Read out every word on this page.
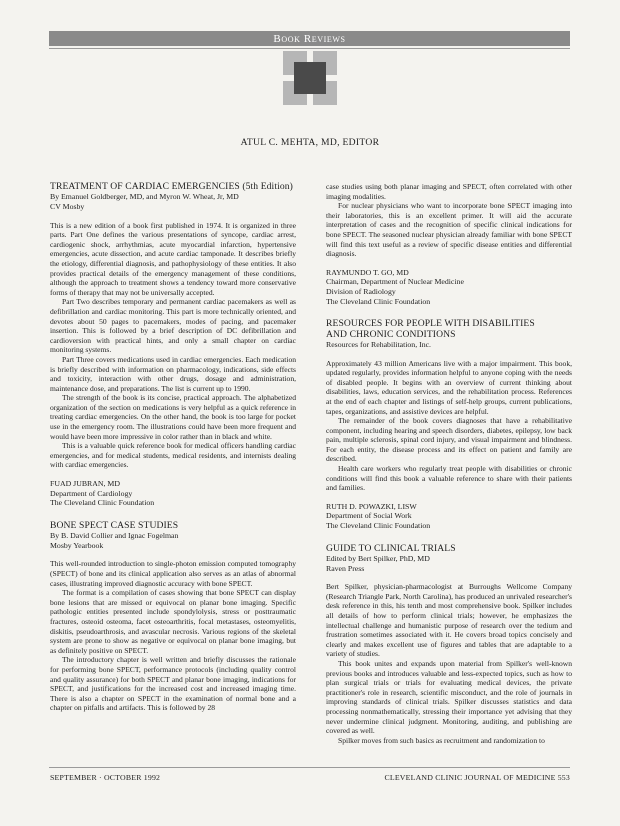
Book Reviews
ATUL C. MEHTA, MD, EDITOR
TREATMENT OF CARDIAC EMERGENCIES (5th Edition)
By Emanuel Goldberger, MD, and Myron W. Wheat, Jr, MD
CV Mosby

This is a new edition of a book first published in 1974. It is organized in three parts. Part One defines the various presentations of syncope, cardiac arrest, cardiogenic shock, arrhythmias, acute myocardial infarction, hypertensive emergencies, acute dissection, and acute cardiac tamponade. It describes briefly the etiology, differential diagnosis, and pathophysiology of these entities. It also provides practical details of the emergency management of these conditions, although the approach to treatment shows a tendency toward more conservative forms of therapy that may not be universally accepted.

Part Two describes temporary and permanent cardiac pacemakers as well as defibrillation and cardiac monitoring. This part is more technically oriented, and devotes about 50 pages to pacemakers, modes of pacing, and pacemaker insertion. This is followed by a brief description of DC defibrillation and cardioversion with practical hints, and only a small chapter on cardiac monitoring systems.

Part Three covers medications used in cardiac emergencies. Each medication is briefly described with information on pharmacology, indications, side effects and toxicity, interaction with other drugs, dosage and administration, maintenance dose, and preparations. The list is current up to 1990.

The strength of the book is its concise, practical approach. The alphabetized organization of the section on medications is very helpful as a quick reference in treating cardiac emergencies. On the other hand, the book is too large for pocket use in the emergency room. The illustrations could have been more frequent and would have been more impressive in color rather than in black and white.

This is a valuable quick reference book for medical officers handling cardiac emergencies, and for medical students, medical residents, and internists dealing with cardiac emergencies.

FUAD JUBRAN, MD
Department of Cardiology
The Cleveland Clinic Foundation
BONE SPECT CASE STUDIES
By B. David Collier and Ignac Fogelman
Mosby Yearbook

This well-rounded introduction to single-photon emission computed tomography (SPECT) of bone and its clinical application also serves as an atlas of abnormal cases, illustrating improved diagnostic accuracy with bone SPECT.

The format is a compilation of cases showing that bone SPECT can display bone lesions that are missed or equivocal on planar bone imaging. Specific pathologic entities presented include spondylolysis, stress or posttraumatic fractures, osteoid osteoma, facet osteoarthritis, focal metastases, osteomyelitis, diskitis, pseudoarthrosis, and avascular necrosis. Various regions of the skeletal system are prone to show as negative or equivocal on planar bone imaging, but as definitely positive on SPECT.

The introductory chapter is well written and briefly discusses the rationale for performing bone SPECT, performance protocols (including quality control and quality assurance) for both SPECT and planar bone imaging, indications for SPECT, and justifications for the increased cost and increased imaging time. There is also a chapter on SPECT in the examination of normal bone and a chapter on pitfalls and artifacts. This is followed by 28

case studies using both planar imaging and SPECT, often correlated with other imaging modalities.

For nuclear physicians who want to incorporate bone SPECT imaging into their laboratories, this is an excellent primer. It will aid the accurate interpretation of cases and the recognition of specific clinical indications for bone SPECT. The seasoned nuclear physician already familiar with bone SPECT will find this text useful as a review of specific disease entities and differential diagnosis.

RAYMUNDO T. GO, MD
Chairman, Department of Nuclear Medicine
Division of Radiology
The Cleveland Clinic Foundation
RESOURCES FOR PEOPLE WITH DISABILITIES
AND CHRONIC CONDITIONS
Resources for Rehabilitation, Inc.

Approximately 43 million Americans live with a major impairment. This book, updated regularly, provides information helpful to anyone coping with the needs of disabled people. It begins with an overview of current thinking about disabilities, laws, education services, and the rehabilitation process. References at the end of each chapter and listings of self-help groups, current publications, tapes, organizations, and assistive devices are helpful.

The remainder of the book covers diagnoses that have a rehabilitative component, including hearing and speech disorders, diabetes, epilepsy, low back pain, multiple sclerosis, spinal cord injury, and visual impairment and blindness. For each entity, the disease process and its effect on patient and family are described.

Health care workers who regularly treat people with disabilities or chronic conditions will find this book a valuable reference to share with their patients and families.

RUTH D. POWAZKI, LISW
Department of Social Work
The Cleveland Clinic Foundation
GUIDE TO CLINICAL TRIALS
Edited by Bert Spilker, PhD, MD
Raven Press

Bert Spilker, physician-pharmacologist at Burroughs Wellcome Company (Research Triangle Park, North Carolina), has produced an unrivaled researcher's desk reference in this, his tenth and most comprehensive book. Spilker includes all details of how to perform clinical trials; however, he emphasizes the intellectual challenge and humanistic purpose of research over the tedium and frustration sometimes associated with it. He covers broad topics concisely and clearly and makes excellent use of figures and tables that are adaptable to a variety of studies.

This book unites and expands upon material from Spilker's well-known previous books and introduces valuable and less-expected topics, such as how to plan surgical trials or trials for evaluating medical devices, the private practitioner's role in research, scientific misconduct, and the role of journals in improving standards of clinical trials. Spilker discusses statistics and data processing nonmathematically, stressing their importance yet advising that they never undermine clinical judgment. Monitoring, auditing, and publishing are covered as well.

Spilker moves from such basics as recruitment and randomization to

SEPTEMBER · OCTOBER 1992	CLEVELAND CLINIC JOURNAL OF MEDICINE 553
